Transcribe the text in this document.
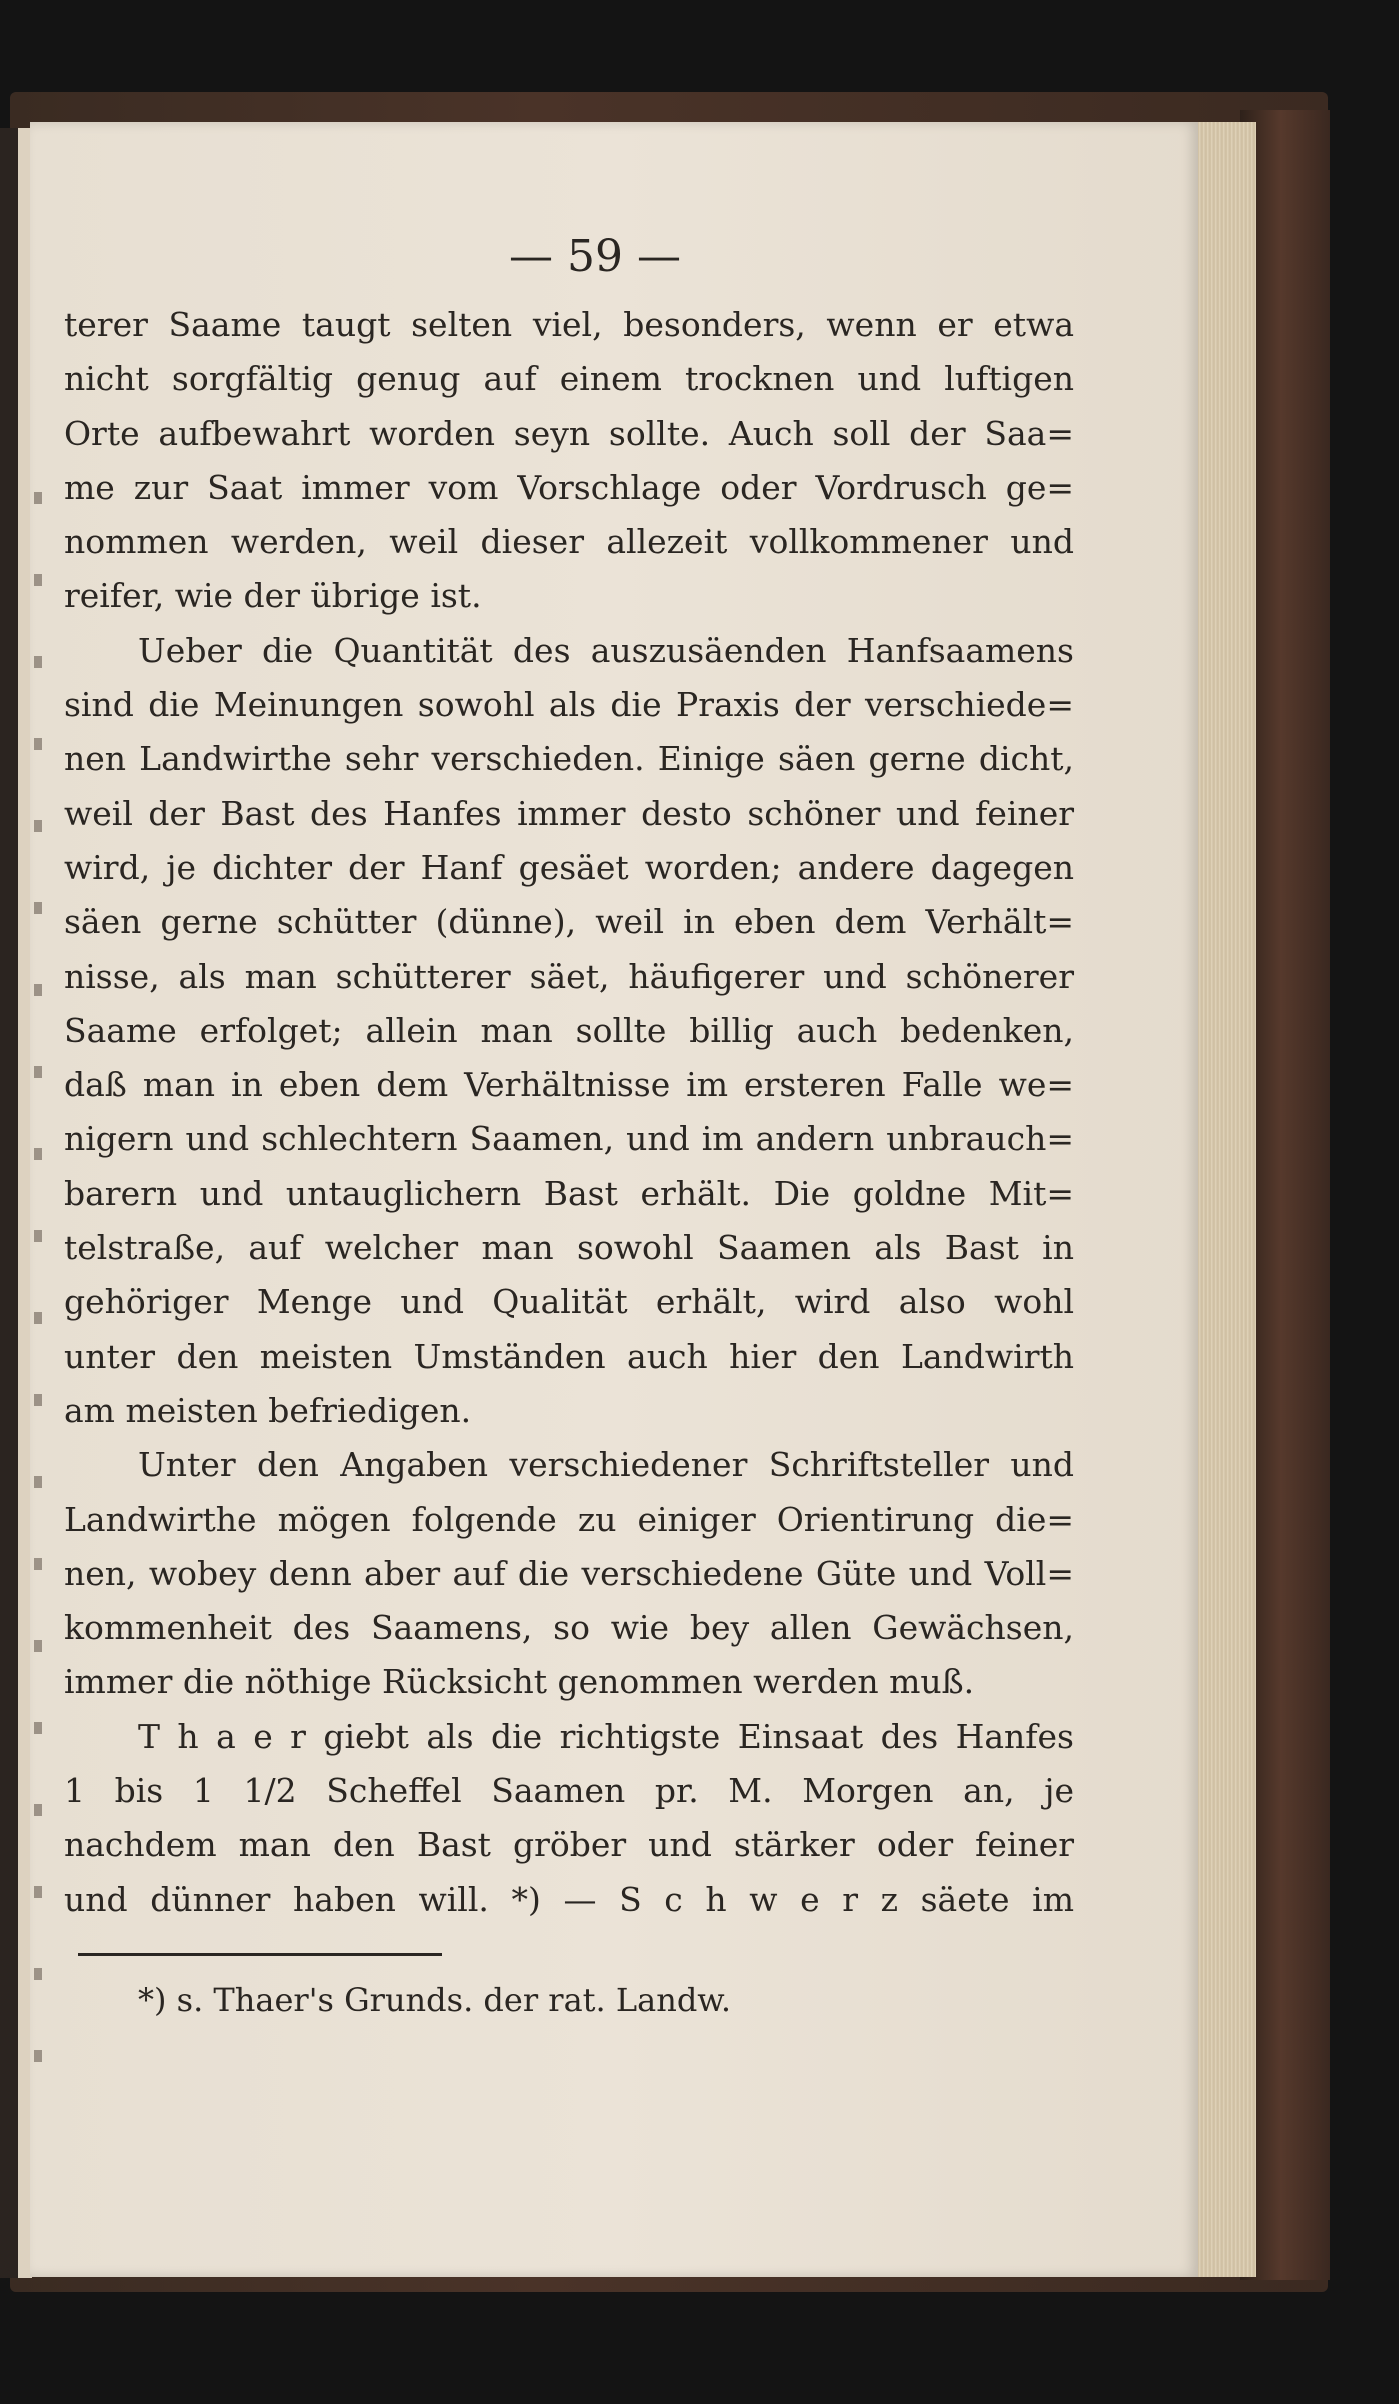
— 59 —
terer Saame taugt selten viel, besonders, wenn er etwa
nicht sorgfältig genug auf einem trocknen und luftigen
Orte aufbewahrt worden seyn sollte. Auch soll der Saa=
me zur Saat immer vom Vorschlage oder Vordrusch ge=
nommen werden, weil dieser allezeit vollkommener und
reifer, wie der übrige ist.
Ueber die Quantität des auszusäenden Hanfsaamens
sind die Meinungen sowohl als die Praxis der verschiede=
nen Landwirthe sehr verschieden. Einige säen gerne dicht,
weil der Bast des Hanfes immer desto schöner und feiner
wird, je dichter der Hanf gesäet worden; andere dagegen
säen gerne schütter (dünne), weil in eben dem Verhält=
nisse, als man schütterer säet, häufigerer und schönerer
Saame erfolget; allein man sollte billig auch bedenken,
daß man in eben dem Verhältnisse im ersteren Falle we=
nigern und schlechtern Saamen, und im andern unbrauch=
barern und untauglichern Bast erhält. Die goldne Mit=
telstraße, auf welcher man sowohl Saamen als Bast in
gehöriger Menge und Qualität erhält, wird also wohl
unter den meisten Umständen auch hier den Landwirth
am meisten befriedigen.
Unter den Angaben verschiedener Schriftsteller und
Landwirthe mögen folgende zu einiger Orientirung die=
nen, wobey denn aber auf die verschiedene Güte und Voll=
kommenheit des Saamens, so wie bey allen Gewächsen,
immer die nöthige Rücksicht genommen werden muß.
T h a e r giebt als die richtigste Einsaat des Hanfes
1 bis 1 1/2 Scheffel Saamen pr. M. Morgen an, je
nachdem man den Bast gröber und stärker oder feiner
und dünner haben will. *) — S c h w e r z säete im
*) s. Thaer's Grunds. der rat. Landw.
